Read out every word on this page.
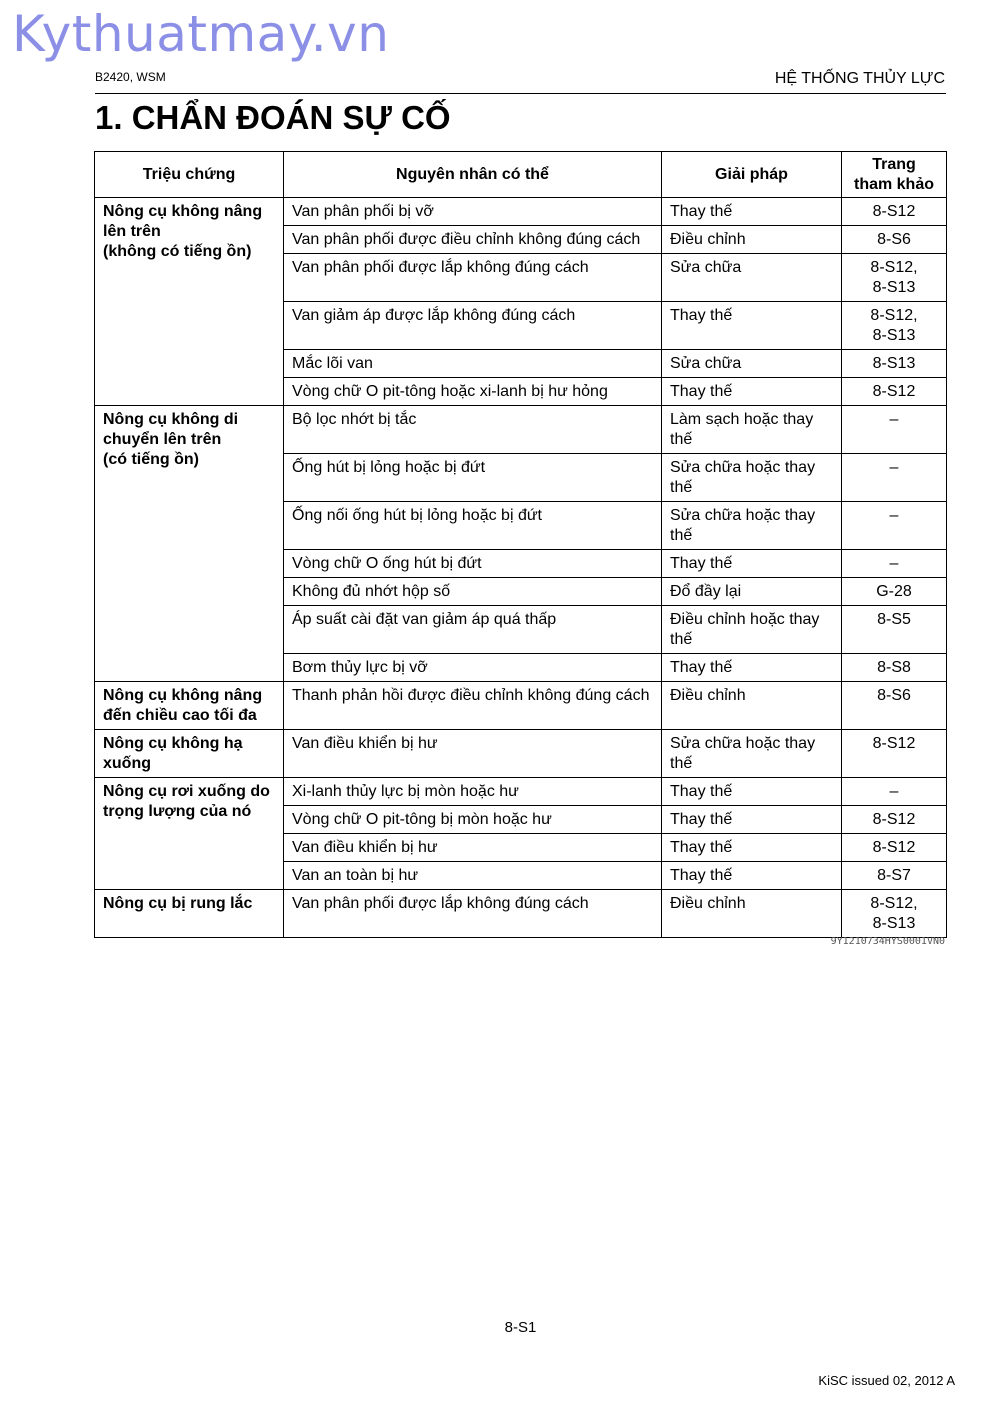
Kythuatmay.vn
B2420, WSM	HỆ THỐNG THỦY LỰC
1. CHẨN ĐOÁN SỰ CỐ
Triệu chứng	Nguyên nhân có thể	Giải pháp	Trang
tham khảo
Nông cụ không nâng lên trên
(không có tiếng ồn)	Van phân phối bị vỡ	Thay thế	8-S12
	Van phân phối được điều chỉnh không đúng cách	Điều chỉnh	8-S6
	Van phân phối được lắp không đúng cách	Sửa chữa	8-S12,
8-S13
	Van giảm áp được lắp không đúng cách	Thay thế	8-S12,
8-S13
	Mắc lõi van	Sửa chữa	8-S13
	Vòng chữ O pit-tông hoặc xi-lanh bị hư hỏng	Thay thế	8-S12
Nông cụ không di chuyển lên trên
(có tiếng ồn)	Bộ lọc nhớt bị tắc	Làm sạch hoặc thay thế	–
	Ống hút bị lỏng hoặc bị đứt	Sửa chữa hoặc thay thế	–
	Ống nối ống hút bị lỏng hoặc bị đứt	Sửa chữa hoặc thay thế	–
	Vòng chữ O ống hút bị đứt	Thay thế	–
	Không đủ nhớt hộp số	Đổ đầy lại	G-28
	Áp suất cài đặt van giảm áp quá thấp	Điều chỉnh hoặc thay thế	8-S5
	Bơm thủy lực bị vỡ	Thay thế	8-S8
Nông cụ không nâng đến chiều cao tối đa	Thanh phản hồi được điều chỉnh không đúng cách	Điều chỉnh	8-S6
Nông cụ không hạ xuống	Van điều khiển bị hư	Sửa chữa hoặc thay thế	8-S12
Nông cụ rơi xuống do trọng lượng của nó	Xi-lanh thủy lực bị mòn hoặc hư	Thay thế	–
	Vòng chữ O pit-tông bị mòn hoặc hư	Thay thế	8-S12
	Van điều khiển bị hư	Thay thế	8-S12
	Van an toàn bị hư	Thay thế	8-S7
Nông cụ bị rung lắc	Van phân phối được lắp không đúng cách	Điều chỉnh	8-S12,
8-S13
9Y1210734HYS0001VN0
8-S1
KiSC issued 02, 2012 A
